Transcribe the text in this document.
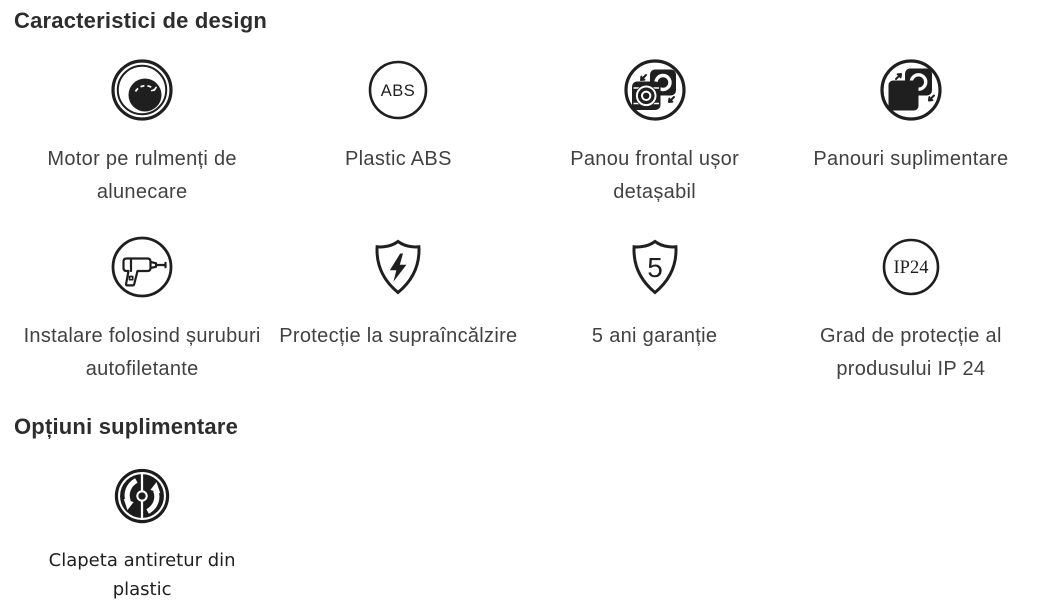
Caracteristici de design
Motor pe rulmenți de alunecare
ABS
Plastic ABS	Panou frontal ușor detașabil
Panouri suplimentare
Instalare folosind șuruburi autofiletante
Protecție la supraîncălzire
5
5 ani garanție
IP24
Grad de protecție al produsului IP 24
Opțiuni suplimentare
Clapeta antiretur din plastic
